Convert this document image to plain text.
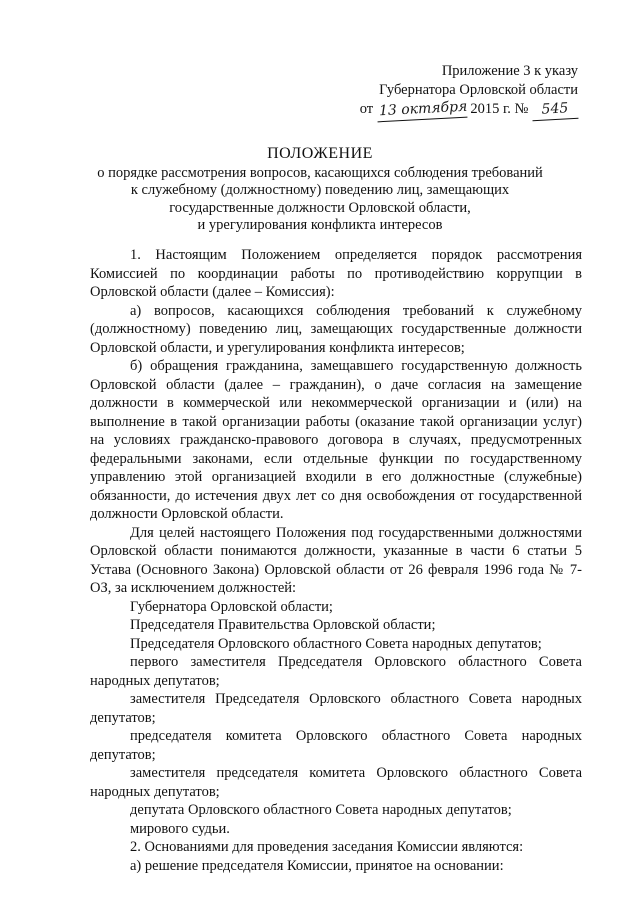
Приложение 3 к указу
Губернатора Орловской области
от 13 октября 2015 г. № 545
ПОЛОЖЕНИЕ
о порядке рассмотрения вопросов, касающихся соблюдения требований
к служебному (должностному) поведению лиц, замещающих
государственные должности Орловской области,
и урегулирования конфликта интересов

1. Настоящим Положением определяется порядок рассмотрения Комиссией по координации работы по противодействию коррупции в Орловской области (далее – Комиссия):

а) вопросов, касающихся соблюдения требований к служебному (должностному) поведению лиц, замещающих государственные должности Орловской области, и урегулирования конфликта интересов;

б) обращения гражданина, замещавшего государственную должность Орловской области (далее – гражданин), о даче согласия на замещение должности в коммерческой или некоммерческой организации и (или) на выполнение в такой организации работы (оказание такой организации услуг) на условиях гражданско-правового договора в случаях, предусмотренных федеральными законами, если отдельные функции по государственному управлению этой организацией входили в его должностные (служебные) обязанности, до истечения двух лет со дня освобождения от государственной должности Орловской области.

Для целей настоящего Положения под государственными должностями Орловской области понимаются должности, указанные в части 6 статьи 5 Устава (Основного Закона) Орловской области от 26 февраля 1996 года № 7-ОЗ, за исключением должностей:

Губернатора Орловской области;

Председателя Правительства Орловской области;

Председателя Орловского областного Совета народных депутатов;

первого заместителя Председателя Орловского областного Совета народных депутатов;

заместителя Председателя Орловского областного Совета народных депутатов;

председателя комитета Орловского областного Совета народных депутатов;

заместителя председателя комитета Орловского областного Совета народных депутатов;

депутата Орловского областного Совета народных депутатов;

мирового судьи.

2. Основаниями для проведения заседания Комиссии являются:

а) решение председателя Комиссии, принятое на основании:
